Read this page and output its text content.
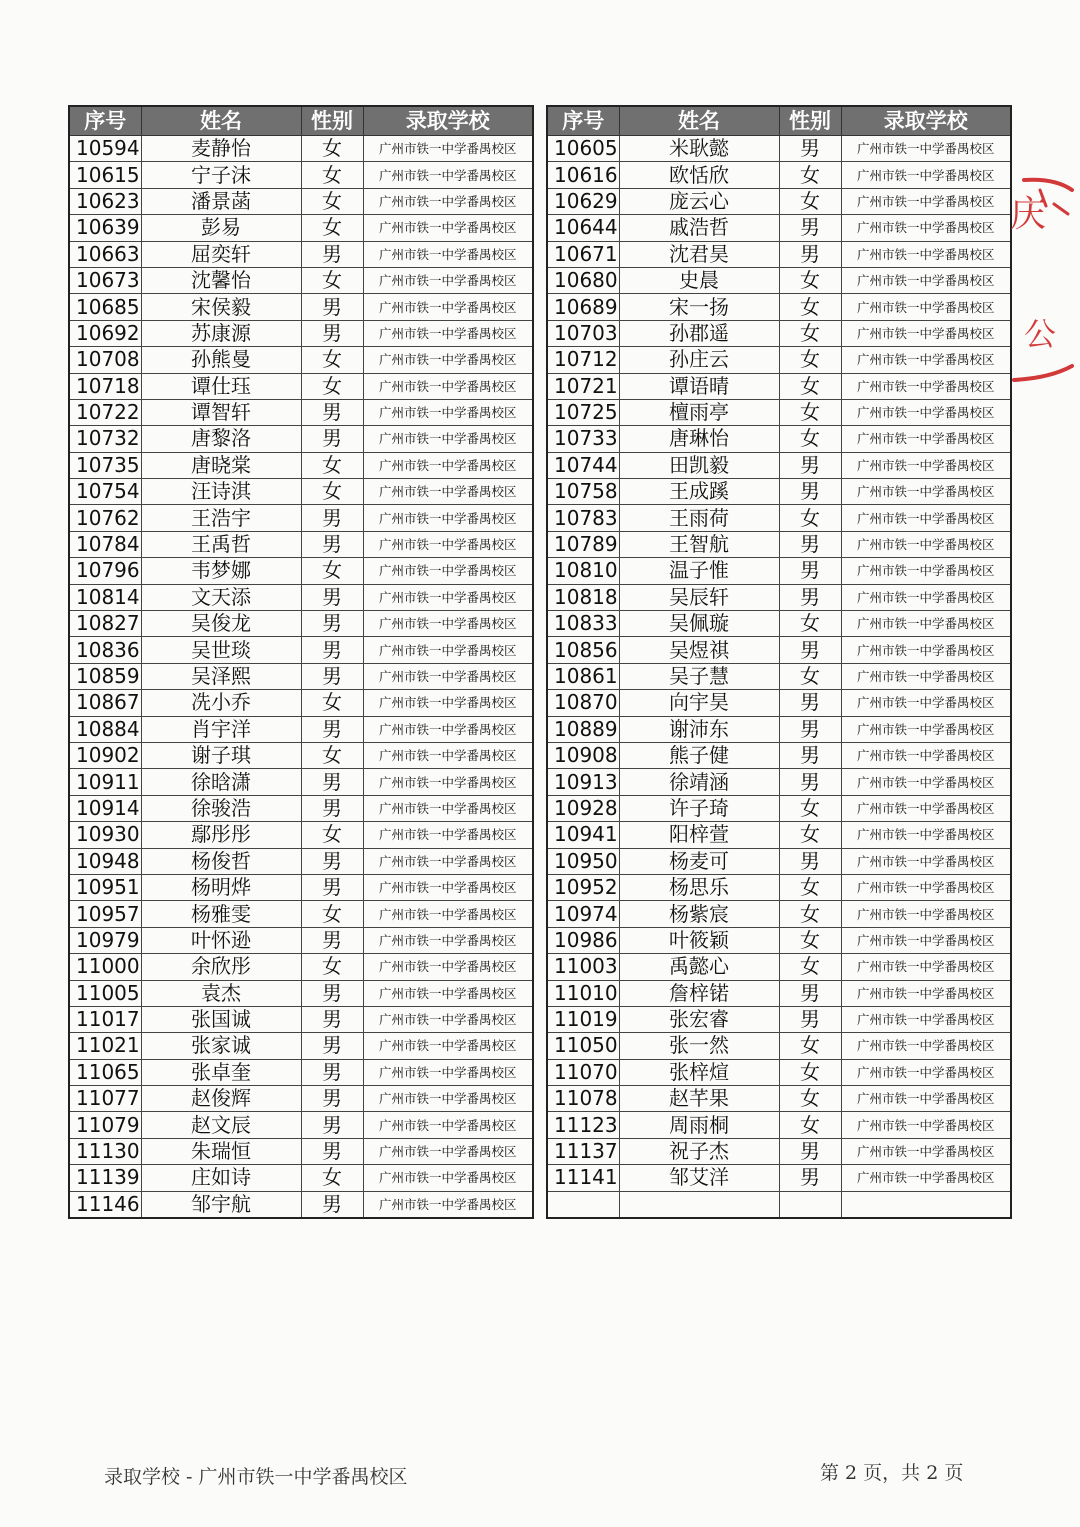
序号	姓名	性别	录取学校
10594	麦静怡	女	广州市铁一中学番禺校区
10615	宁子沫	女	广州市铁一中学番禺校区
10623	潘景菡	女	广州市铁一中学番禺校区
10639	彭易	女	广州市铁一中学番禺校区
10663	屈奕轩	男	广州市铁一中学番禺校区
10673	沈馨怡	女	广州市铁一中学番禺校区
10685	宋侯毅	男	广州市铁一中学番禺校区
10692	苏康源	男	广州市铁一中学番禺校区
10708	孙熊曼	女	广州市铁一中学番禺校区
10718	谭仕珏	女	广州市铁一中学番禺校区
10722	谭智轩	男	广州市铁一中学番禺校区
10732	唐黎洛	男	广州市铁一中学番禺校区
10735	唐晓棠	女	广州市铁一中学番禺校区
10754	汪诗淇	女	广州市铁一中学番禺校区
10762	王浩宇	男	广州市铁一中学番禺校区
10784	王禹哲	男	广州市铁一中学番禺校区
10796	韦梦娜	女	广州市铁一中学番禺校区
10814	文天添	男	广州市铁一中学番禺校区
10827	吴俊龙	男	广州市铁一中学番禺校区
10836	吴世琰	男	广州市铁一中学番禺校区
10859	吴泽熙	男	广州市铁一中学番禺校区
10867	冼小乔	女	广州市铁一中学番禺校区
10884	肖宇洋	男	广州市铁一中学番禺校区
10902	谢子琪	女	广州市铁一中学番禺校区
10911	徐晗潇	男	广州市铁一中学番禺校区
10914	徐骏浩	男	广州市铁一中学番禺校区
10930	鄢彤彤	女	广州市铁一中学番禺校区
10948	杨俊哲	男	广州市铁一中学番禺校区
10951	杨明烨	男	广州市铁一中学番禺校区
10957	杨雅雯	女	广州市铁一中学番禺校区
10979	叶怀逊	男	广州市铁一中学番禺校区
11000	余欣彤	女	广州市铁一中学番禺校区
11005	袁杰	男	广州市铁一中学番禺校区
11017	张国诚	男	广州市铁一中学番禺校区
11021	张家诚	男	广州市铁一中学番禺校区
11065	张卓奎	男	广州市铁一中学番禺校区
11077	赵俊辉	男	广州市铁一中学番禺校区
11079	赵文辰	男	广州市铁一中学番禺校区
11130	朱瑞恒	男	广州市铁一中学番禺校区
11139	庄如诗	女	广州市铁一中学番禺校区
11146	邹宇航	男	广州市铁一中学番禺校区
序号	姓名	性别	录取学校
10605	米耿懿	男	广州市铁一中学番禺校区
10616	欧恬欣	女	广州市铁一中学番禺校区
10629	庞云心	女	广州市铁一中学番禺校区
10644	戚浩哲	男	广州市铁一中学番禺校区
10671	沈君昊	男	广州市铁一中学番禺校区
10680	史晨	女	广州市铁一中学番禺校区
10689	宋一扬	女	广州市铁一中学番禺校区
10703	孙郡遥	女	广州市铁一中学番禺校区
10712	孙庄云	女	广州市铁一中学番禺校区
10721	谭语晴	女	广州市铁一中学番禺校区
10725	檀雨亭	女	广州市铁一中学番禺校区
10733	唐琳怡	女	广州市铁一中学番禺校区
10744	田凯毅	男	广州市铁一中学番禺校区
10758	王成蹊	男	广州市铁一中学番禺校区
10783	王雨荷	女	广州市铁一中学番禺校区
10789	王智航	男	广州市铁一中学番禺校区
10810	温子惟	男	广州市铁一中学番禺校区
10818	吴辰轩	男	广州市铁一中学番禺校区
10833	吴佩璇	女	广州市铁一中学番禺校区
10856	吴煜祺	男	广州市铁一中学番禺校区
10861	吴子慧	女	广州市铁一中学番禺校区
10870	向宇昊	男	广州市铁一中学番禺校区
10889	谢沛东	男	广州市铁一中学番禺校区
10908	熊子健	男	广州市铁一中学番禺校区
10913	徐靖涵	男	广州市铁一中学番禺校区
10928	许子琦	女	广州市铁一中学番禺校区
10941	阳梓萱	女	广州市铁一中学番禺校区
10950	杨麦可	男	广州市铁一中学番禺校区
10952	杨思乐	女	广州市铁一中学番禺校区
10974	杨紫宸	女	广州市铁一中学番禺校区
10986	叶筱颖	女	广州市铁一中学番禺校区
11003	禹懿心	女	广州市铁一中学番禺校区
11010	詹梓锘	男	广州市铁一中学番禺校区
11019	张宏睿	男	广州市铁一中学番禺校区
11050	张一然	女	广州市铁一中学番禺校区
11070	张梓煊	女	广州市铁一中学番禺校区
11078	赵芊果	女	广州市铁一中学番禺校区
11123	周雨桐	女	广州市铁一中学番禺校区
11137	祝子杰	男	广州市铁一中学番禺校区
11141	邹艾洋	男	广州市铁一中学番禺校区

庆
公
录取学校 - 广州市铁一中学番禺校区	第 2 页，共 2 页
